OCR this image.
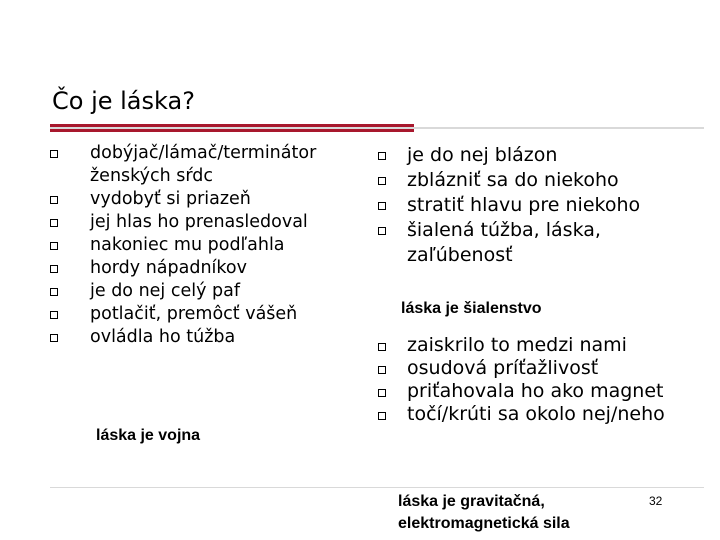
Čo je láska?
dobýjač/lámač/terminátor ženských sŕdc
vydobyť si priazeň
jej hlas ho prenasledoval
nakoniec mu podľahla
hordy nápadníkov
je do nej celý paf
potlačiť, premôcť vášeň
ovládla ho túžba

láska je vojna

je do nej blázon
zblázniť sa do niekoho
stratiť hlavu pre niekoho
šialená túžba, láska, zaľúbenosť

láska je šialenstvo

zaiskrilo to medzi nami
osudová príťažlivosť
priťahovala ho ako magnet
točí/krúti sa okolo nej/neho

láska je gravitačná,
elektromagnetická sila

32
